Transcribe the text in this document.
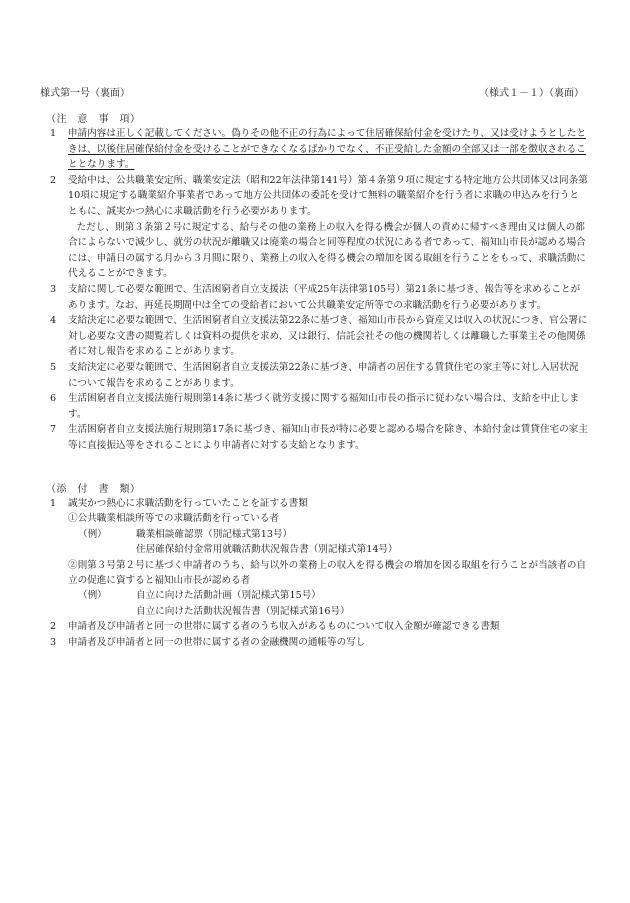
様式第一号（裏面）	（様式１－１）（裏面）
（注　意　事　項）
1	申請内容は正しく記載してください。偽りその他不正の行為によって住居確保給付金を受けたり、又は受けようとしたときは、以後住居確保給付金を受けることができなくなるばかりでなく、不正受給した金額の全部又は一部を徴収されることとなります。
2	受給中は、公共職業安定所、職業安定法（昭和22年法律第141号）第４条第９項に規定する特定地方公共団体又は同条第10項に規定する職業紹介事業者であって地方公共団体の委託を受けて無料の職業紹介を行う者に求職の申込みを行うとともに、誠実かつ熱心に求職活動を行う必要があります。
ただし、則第３条第２号に規定する、給与その他の業務上の収入を得る機会が個人の責めに帰すべき理由又は個人の都合によらないで減少し、就労の状況が離職又は廃業の場合と同等程度の状況にある者であって、福知山市長が認める場合には、申請日の属する月から３月間に限り、業務上の収入を得る機会の増加を図る取組を行うことをもって、求職活動に代えることができます。
3	支給に関して必要な範囲で、生活困窮者自立支援法（平成25年法律第105号）第21条に基づき、報告等を求めることがあります。なお、再延長期間中は全ての受給者において公共職業安定所等での求職活動を行う必要があります。
4	支給決定に必要な範囲で、生活困窮者自立支援法第22条に基づき、福知山市長から資産又は収入の状況につき、官公署に対し必要な文書の閲覧若しくは資料の提供を求め、又は銀行、信託会社その他の機関若しくは離職した事業主その他関係者に対し報告を求めることがあります。
5	支給決定に必要な範囲で、生活困窮者自立支援法第22条に基づき、申請者の居住する賃貸住宅の家主等に対し入居状況について報告を求めることがあります。
6	生活困窮者自立支援法施行規則第14条に基づく就労支援に関する福知山市長の指示に従わない場合は、支給を中止します。
7	生活困窮者自立支援法施行規則第17条に基づき、福知山市長が特に必要と認める場合を除き、本給付金は賃貸住宅の家主等に直接振込等をされることにより申請者に対する支給となります。
（添　付　書　類）
1	誠実かつ熱心に求職活動を行っていたことを証する書類
①公共職業相談所等での求職活動を行っている者
（例）	職業相談確認票（別記様式第13号）
住居確保給付金常用就職活動状況報告書（別記様式第14号）
②則第３号第２号に基づく申請者のうち、給与以外の業務上の収入を得る機会の増加を図る取組を行うことが当該者の自立の促進に資すると福知山市長が認める者
（例）	自立に向けた活動計画（別記様式第15号）
自立に向けた活動状況報告書（別記様式第16号）
2	申請者及び申請者と同一の世帯に属する者のうち収入があるものについて収入金額が確認できる書類
3	申請者及び申請者と同一の世帯に属する者の金融機関の通帳等の写し
